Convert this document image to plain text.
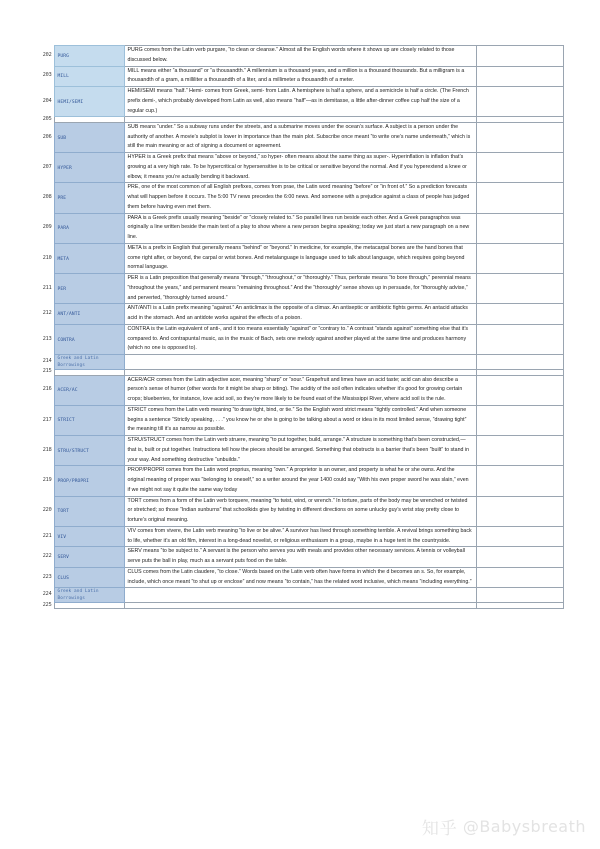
202	PURG	PURG comes from the Latin verb purgare, “to clean or cleanse.” Almost all the English words where it shows up are closely related to those discussed below.	
203	MILL	MILL means either “a thousand” or “a thousandth.” A millennium is a thousand years, and a million is a thousand thousands. But a milligram is a thousandth of a gram, a milliliter a thousandth of a liter, and a millimeter a thousandth of a meter.	
204	HEMI/SEMI	HEMI/SEMI means “half.” Hemi- comes from Greek, semi- from Latin. A hemisphere is half a sphere, and a semicircle is half a circle. (The French prefix demi-, which probably developed from Latin as well, also means “half”—as in demitasse, a little after-dinner coffee cup half the size of a regular cup.)	
205			
206	SUB	SUB means “under.” So a subway runs under the streets, and a submarine moves under the ocean’s surface. A subject is a person under the authority of another. A movie’s subplot is lower in importance than the main plot. Subscribe once meant “to write one’s name underneath,” which is still the main meaning or act of signing a document or agreement.	
207	HYPER	HYPER is a Greek prefix that means “above or beyond,” so hyper- often means about the same thing as super-. Hyperinflation is inflation that’s growing at a very high rate. To be hypercritical or hypersensitive is to be critical or sensitive beyond the normal. And if you hyperextend a knee or elbow, it means you’re actually bending it backward.	
208	PRE	PRE, one of the most common of all English prefixes, comes from prae, the Latin word meaning “before” or “in front of.” So a prediction forecasts what will happen before it occurs. The 5:00 TV news precedes the 6:00 news. And someone with a prejudice against a class of people has judged them before having even met them.	
209	PARA	PARA is a Greek prefix usually meaning “beside” or “closely related to.” So parallel lines run beside each other. And a Greek paragraphos was originally a line written beside the main text of a play to show where a new person begins speaking; today we just start a new paragraph on a new line.	
210	META	META is a prefix in English that generally means “behind” or “beyond.” In medicine, for example, the metacarpal bones are the hand bones that come right after, or beyond, the carpal or wrist bones. And metalanguage is language used to talk about language, which requires going beyond normal language.	
211	PER	PER is a Latin preposition that generally means “through,” “throughout,” or “thoroughly.” Thus, perforate means “to bore through,” perennial means “throughout the years,” and permanent means “remaining throughout.” And the “thoroughly” sense shows up in persuade, for “thoroughly advise,” and perverted, “thoroughly turned around.”	
212	ANT/ANTI	ANT/ANTI is a Latin prefix meaning “against.” An anticlimax is the opposite of a climax. An antiseptic or antibiotic fights germs. An antacid attacks acid in the stomach. And an antidote works against the effects of a poison.	
213	CONTRA	CONTRA is the Latin equivalent of anti-, and it too means essentially “against” or “contrary to.” A contrast “stands against” something else that it’s compared to. And contrapuntal music, as in the music of Bach, sets one melody against another played at the same time and produces harmony (which no one is opposed to).	
214	Greek and Latin Borrowings		
215			
216	ACER/AC	ACER/ACR comes from the Latin adjective acer, meaning “sharp” or “sour.” Grapefruit and limes have an acid taste; acid can also describe a person’s sense of humor (other words for it might be sharp or biting). The acidity of the soil often indicates whether it’s good for growing certain crops; blueberries, for instance, love acid soil, so they’re more likely to be found east of the Mississippi River, where acid soil is the rule.	
217	STRICT	STRICT comes from the Latin verb meaning “to draw tight, bind, or tie.” So the English word strict means “tightly controlled.” And when someone begins a sentence “Strictly speaking, . . .” you know he or she is going to be talking about a word or idea in its most limited sense, “drawing tight” the meaning till it’s as narrow as possible.	
218	STRU/STRUCT	STRU/STRUCT comes from the Latin verb struere, meaning “to put together, build, arrange.” A structure is something that’s been constructed,— that is, built or put together. Instructions tell how the pieces should be arranged. Something that obstructs is a barrier that’s been “built” to stand in your way. And something destructive “unbuilds.”	
219	PROP/PROPRI	PROP/PROPRI comes from the Latin word proprius, meaning “own.” A proprietor is an owner, and property is what he or she owns. And the original meaning of proper was “belonging to oneself,” so a writer around the year 1400 could say “With his own proper sword he was slain,” even if we might not say it quite the same way today	
220	TORT	TORT comes from a form of the Latin verb torquere, meaning “to twist, wind, or wrench.” In torture, parts of the body may be wrenched or twisted or stretched; so those “Indian sunburns” that schoolkids give by twisting in different directions on some unlucky guy’s wrist stay pretty close to torture’s original meaning.	
221	VIV	VIV comes from vivere, the Latin verb meaning “to live or be alive.” A survivor has lived through something terrible. A revival brings something back to life, whether it’s an old film, interest in a long-dead novelist, or religious enthusiasm in a group, maybe in a huge tent in the countryside.	
222	SERV	SERV means “to be subject to.” A servant is the person who serves you with meals and provides other necessary services. A tennis or volleyball serve puts the ball in play, much as a servant puts food on the table.	
223	CLUS	CLUS comes from the Latin claudere, “to close.” Words based on the Latin verb often have forms in which the d becomes an s. So, for example, include, which once meant “to shut up or enclose” and now means “to contain,” has the related word inclusive, which means “including everything.”	
224	Greek and Latin Borrowings		
225			
知乎 @Babysbreath
